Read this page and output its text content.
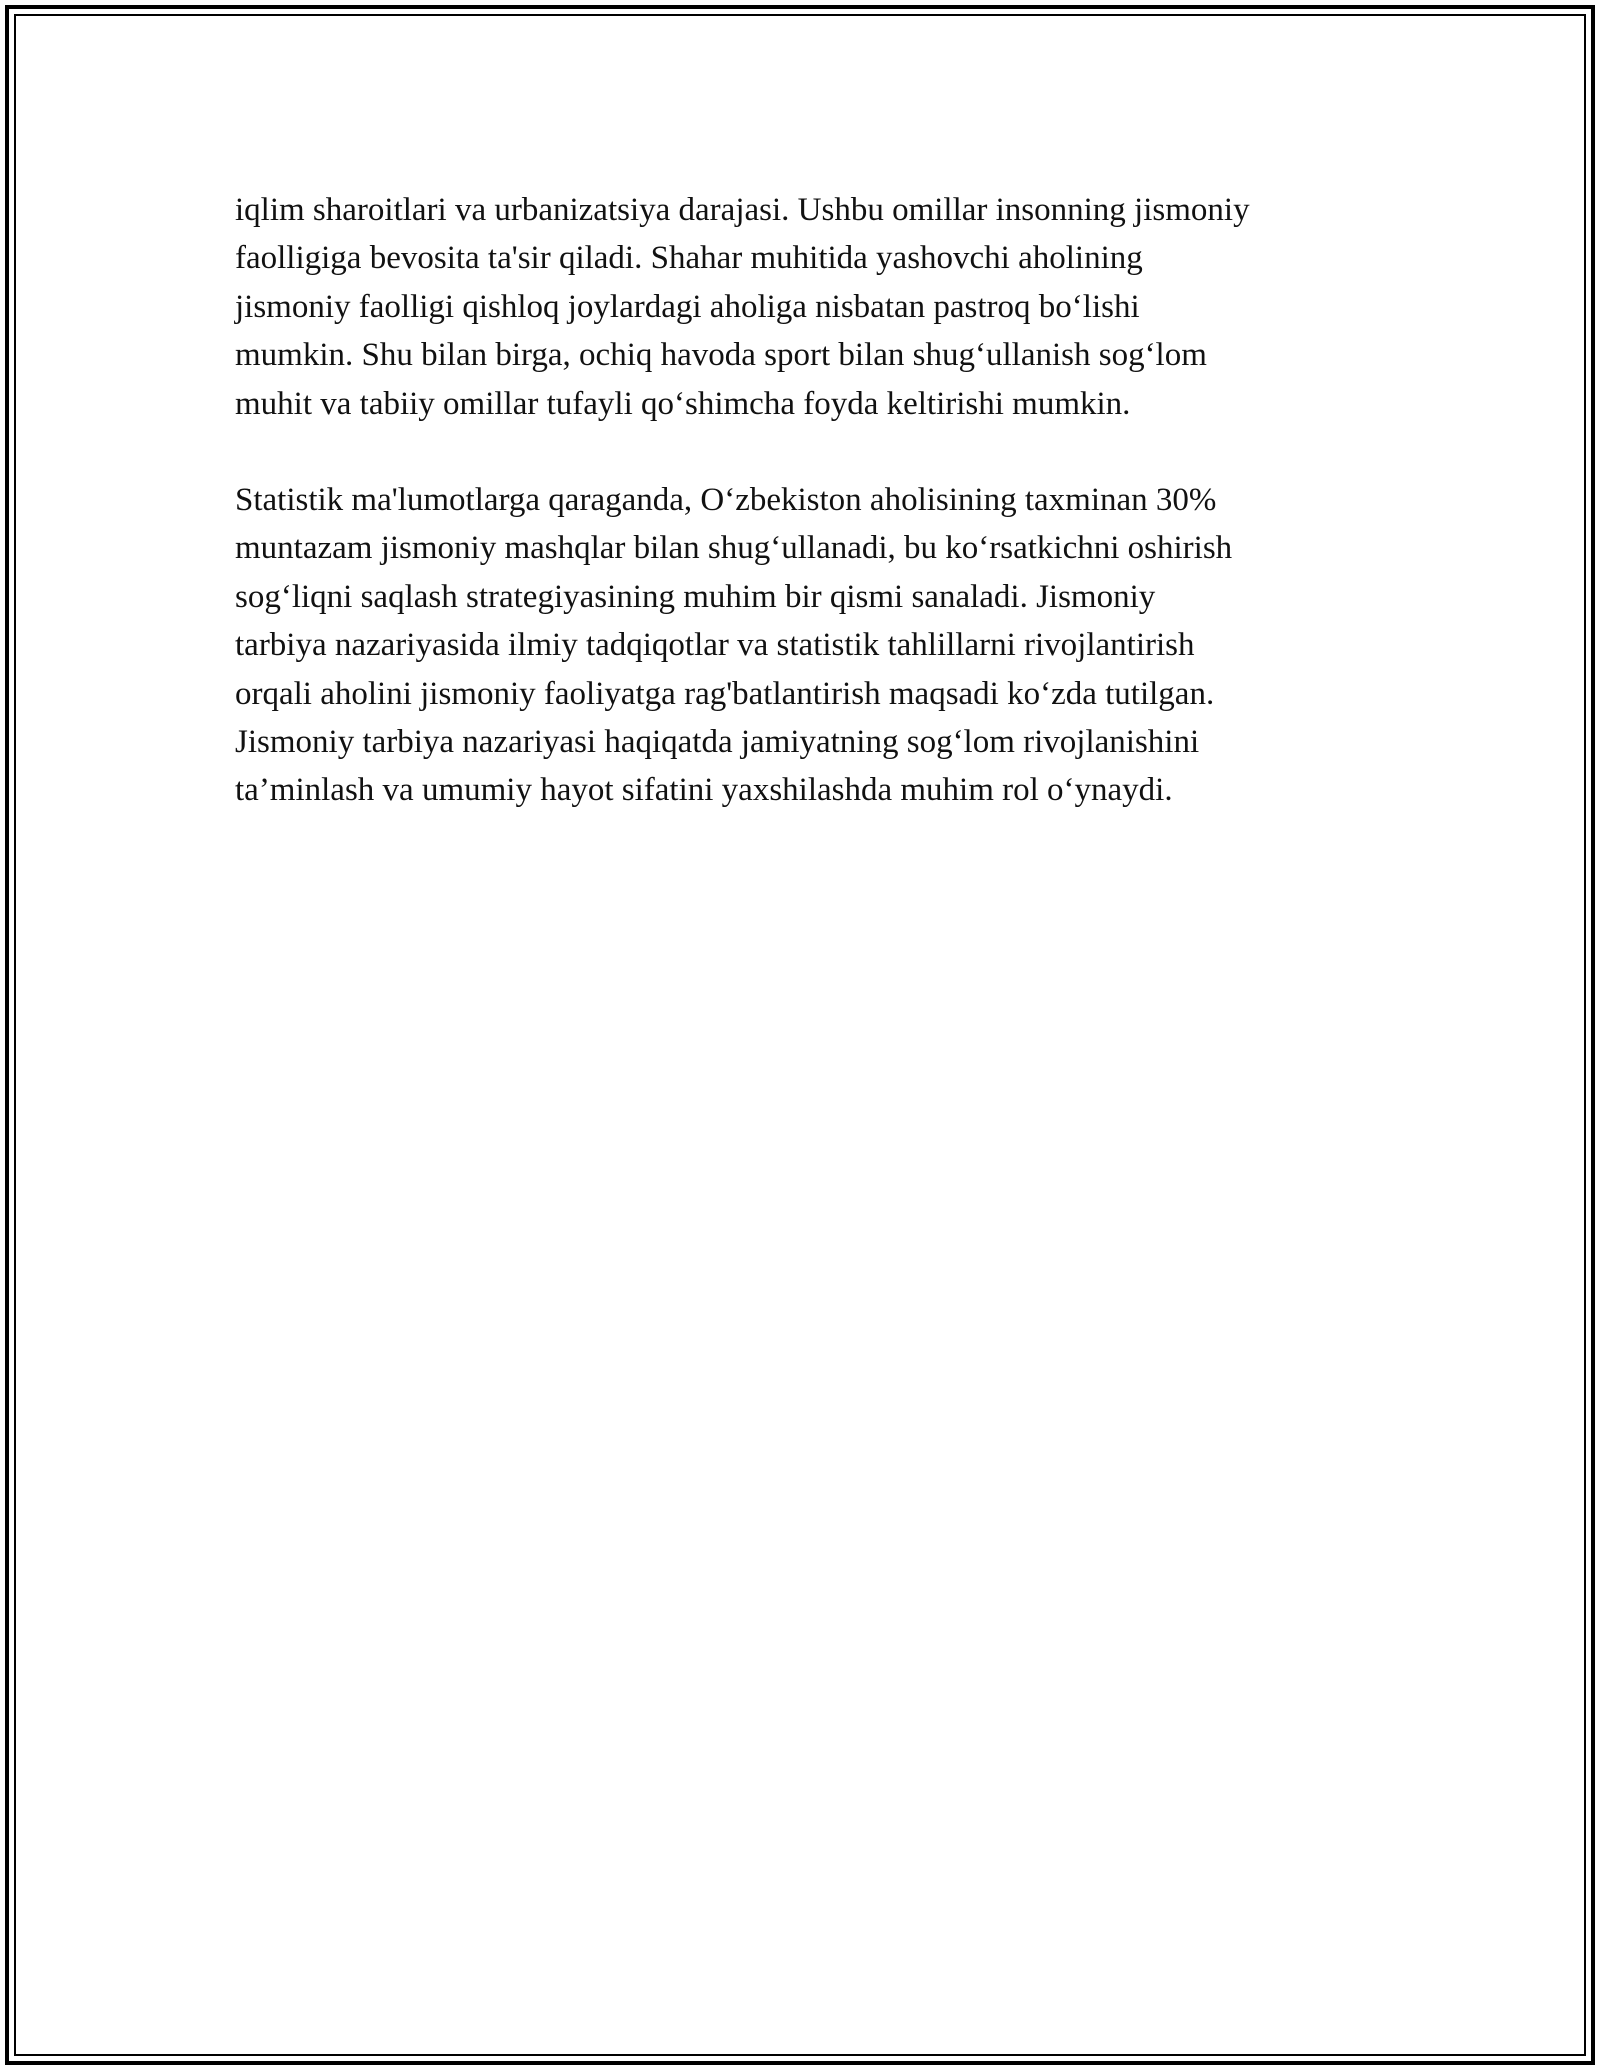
iqlim sharoitlari va urbanizatsiya darajasi. Ushbu omillar insonning jismoniy
faolligiga bevosita ta'sir qiladi. Shahar muhitida yashovchi aholining
jismoniy faolligi qishloq joylardagi aholiga nisbatan pastroq bo‘lishi
mumkin. Shu bilan birga, ochiq havoda sport bilan shug‘ullanish sog‘lom
muhit va tabiiy omillar tufayli qo‘shimcha foyda keltirishi mumkin.

Statistik ma'lumotlarga qaraganda, O‘zbekiston aholisining taxminan 30%
muntazam jismoniy mashqlar bilan shug‘ullanadi, bu ko‘rsatkichni oshirish
sog‘liqni saqlash strategiyasining muhim bir qismi sanaladi. Jismoniy
tarbiya nazariyasida ilmiy tadqiqotlar va statistik tahlillarni rivojlantirish
orqali aholini jismoniy faoliyatga rag'batlantirish maqsadi ko‘zda tutilgan.
Jismoniy tarbiya nazariyasi haqiqatda jamiyatning sog‘lom rivojlanishini
ta’minlash va umumiy hayot sifatini yaxshilashda muhim rol o‘ynaydi.
